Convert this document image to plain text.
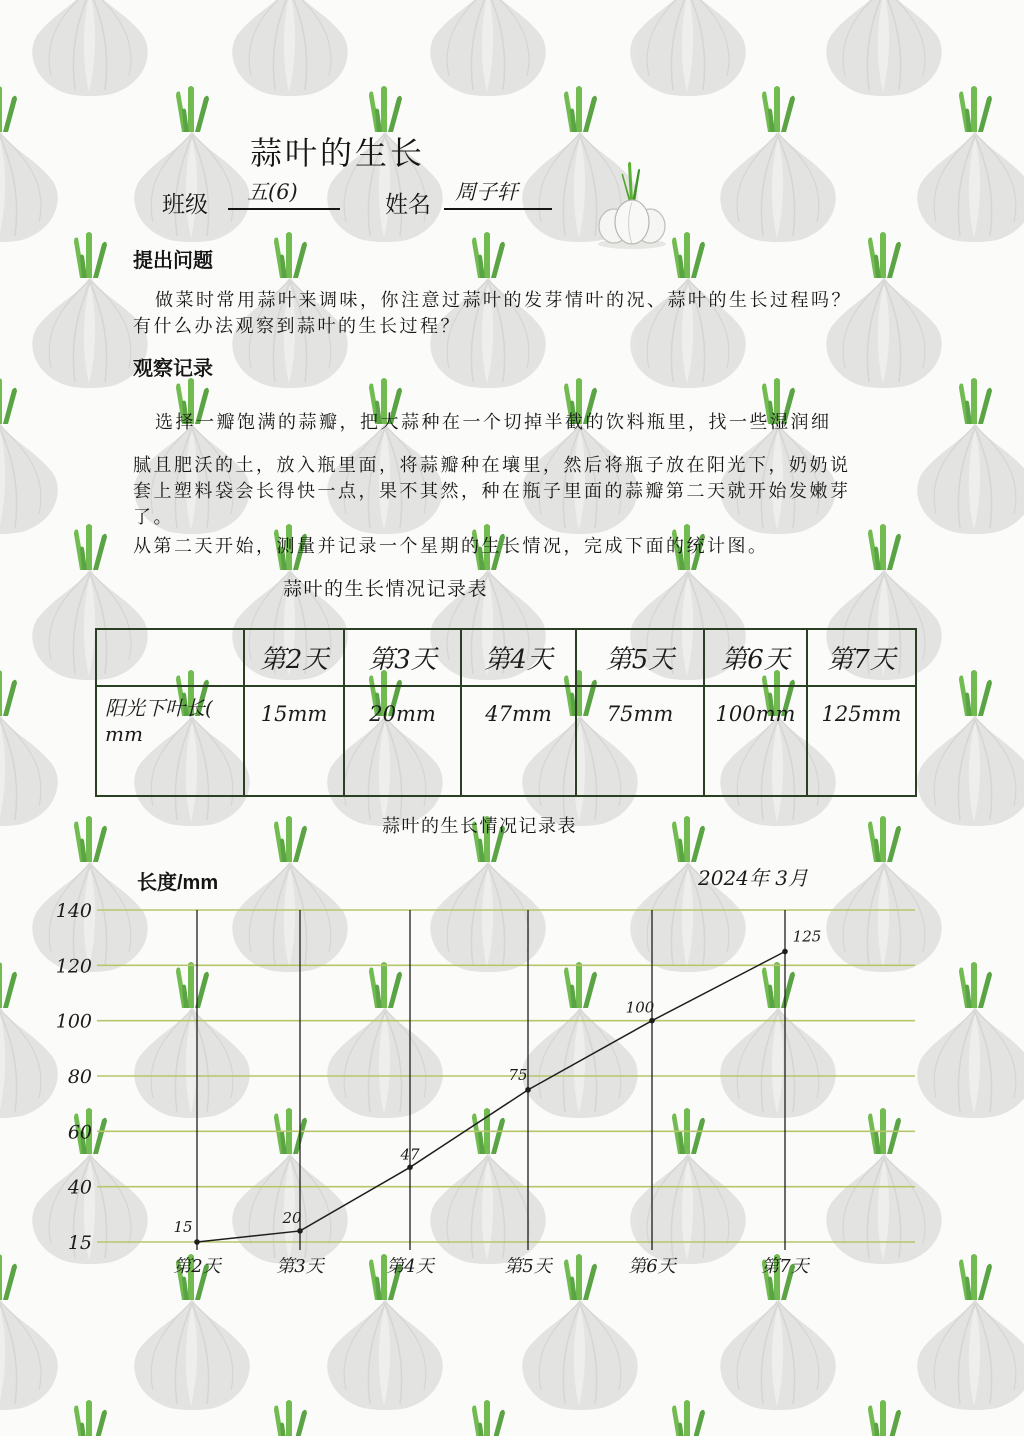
蒜叶的生长
班级 五(6)	姓名 周子轩
提出问题
做菜时常用蒜叶来调味，你注意过蒜叶的发芽情叶的况、蒜叶的生长过程吗？
有什么办法观察到蒜叶的生长过程？
观察记录
选择一瓣饱满的蒜瓣，把大蒜种在一个切掉半截的饮料瓶里，找一些湿润细
腻且肥沃的土，放入瓶里面，将蒜瓣种在壤里，然后将瓶子放在阳光下，奶奶说
套上塑料袋会长得快一点，果不其然，种在瓶子里面的蒜瓣第二天就开始发嫩芽
了。
从第二天开始，测量并记录一个星期的生长情况，完成下面的统计图。
蒜叶的生长情况记录表
	第2天	第3天	第4天	第5天	第6天	第7天

阳光下叶长(
mm	15mm	20mm	47mm	75mm	100mm	125mm
蒜叶的生长情况记录表
长度/mm	2024年 3月
15
40
60
80
100
120
140
第2天	第3天	第4天	第5天	第6天	第7天
15
20
47
75
100
125
